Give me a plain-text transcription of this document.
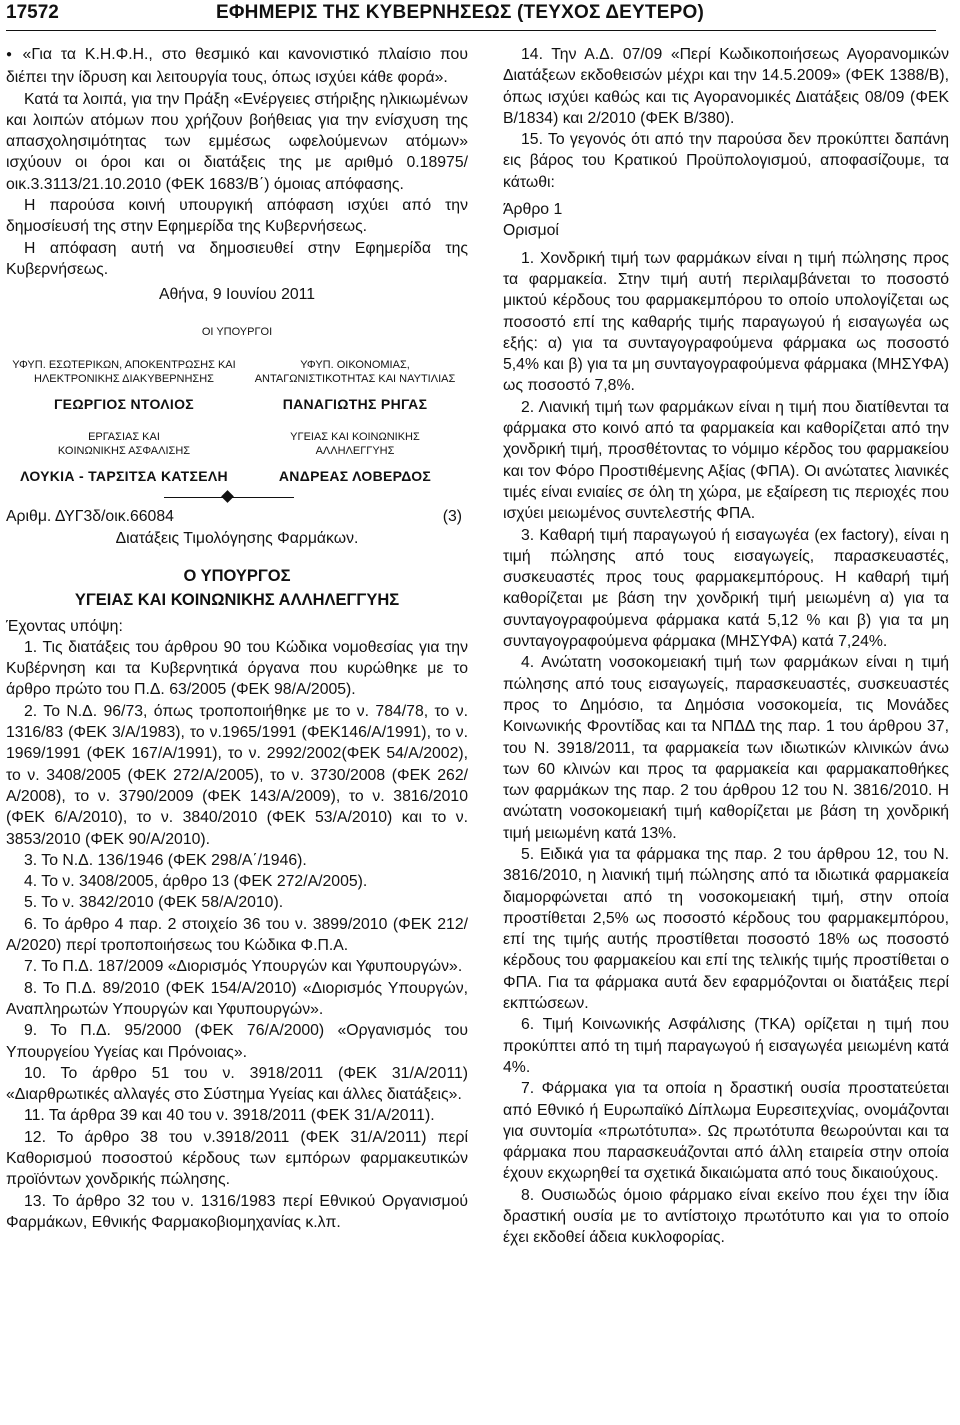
17572	ΕΦΗΜΕΡΙΣ ΤΗΣ ΚΥΒΕΡΝΗΣΕΩΣ (ΤΕΥΧΟΣ ΔΕΥΤΕΡΟ)

● «Για τα Κ.Η.Φ.Η., στο θεσμικό και κανονιστικό πλαίσιο που διέπει την ίδρυση και λειτουργία τους, όπως ισχύει κάθε φορά».

Κατά τα λοιπά, για την Πράξη «Ενέργειες στήριξης ηλικιωμένων και λοιπών ατόμων που χρήζουν βοήθειας για την ενίσχυση της απασχολησιμότητας των εμμέσως ωφελούμενων ατόμων» ισχύουν οι όροι και οι διατάξεις της με αριθμό 0.18975/οικ.3.3113/21.10.2010 (ΦΕΚ 1683/Β΄) όμοιας απόφασης.

Η παρούσα κοινή υπουργική απόφαση ισχύει από την δημοσίευσή της στην Εφημερίδα της Κυβερνήσεως.

Η απόφαση αυτή να δημοσιευθεί στην Εφημερίδα της Κυβερνήσεως.

Αθήνα, 9 Ιουνίου 2011
ΟΙ ΥΠΟΥΡΓΟΙ
ΥΦΥΠ. ΕΣΩΤΕΡΙΚΩΝ, ΑΠΟΚΕΝΤΡΩΣΗΣ ΚΑΙ
ΗΛΕΚΤΡΟΝΙΚΗΣ ΔΙΑΚΥΒΕΡΝΗΣΗΣ
ΓΕΩΡΓΙΟΣ ΝΤΟΛΙΟΣ
ΥΦΥΠ. ΟΙΚΟΝΟΜΙΑΣ,
ΑΝΤΑΓΩΝΙΣΤΙΚΟΤΗΤΑΣ ΚΑΙ ΝΑΥΤΙΛΙΑΣ
ΠΑΝΑΓΙΩΤΗΣ ΡΗΓΑΣ
ΕΡΓΑΣΙΑΣ ΚΑΙ
ΚΟΙΝΩΝΙΚΗΣ ΑΣΦΑΛΙΣΗΣ
ΛΟΥΚΙΑ - ΤΑΡΣΙΤΣΑ ΚΑΤΣΕΛΗ
ΥΓΕΙΑΣ ΚΑΙ ΚΟΙΝΩΝΙΚΗΣ
ΑΛΛΗΛΕΓΓΥΗΣ
ΑΝΔΡΕΑΣ ΛΟΒΕΡΔΟΣ
Αριθμ. ΔΥΓ3δ/οικ.66084	(3)

Διατάξεις Τιμολόγησης Φαρμάκων.

Ο ΥΠΟΥΡΓΟΣ
ΥΓΕΙΑΣ ΚΑΙ ΚΟΙΝΩΝΙΚΗΣ ΑΛΛΗΛΕΓΓΥΗΣ

Έχοντας υπόψη:

1. Τις διατάξεις του άρθρου 90 του Κώδικα νομοθεσίας για την Κυβέρνηση και τα Κυβερνητικά όργανα που κυρώθηκε με το άρθρο πρώτο του Π.Δ. 63/2005 (ΦΕΚ 98/Α/2005).

2. Το Ν.Δ. 96/73, όπως τροποποιήθηκε με το ν. 784/78, το ν. 1316/83 (ΦΕΚ 3/Α/1983), το ν.1965/1991 (ΦΕΚ146/Α/1991), το ν. 1969/1991 (ΦΕΚ 167/Α/1991), το ν. 2992/2002(ΦΕΚ 54/Α/2002), το ν. 3408/2005 (ΦΕΚ 272/Α/2005), το ν. 3730/2008 (ΦΕΚ 262/Α/2008), το ν. 3790/2009 (ΦΕΚ 143/Α/2009), το ν. 3816/2010 (ΦΕΚ 6/Α/2010), το ν. 3840/2010 (ΦΕΚ 53/Α/2010) και το ν. 3853/2010 (ΦΕΚ 90/Α/2010).

3. Το Ν.Δ. 136/1946 (ΦΕΚ 298/Α΄/1946).

4. Το ν. 3408/2005, άρθρο 13 (ΦΕΚ 272/Α/2005).

5. Το ν. 3842/2010 (ΦΕΚ 58/Α/2010).

6. Το άρθρο 4 παρ. 2 στοιχείο 36 του ν. 3899/2010 (ΦΕΚ 212/Α/2020) περί τροποποιήσεως του Κώδικα Φ.Π.Α.

7. Το Π.Δ. 187/2009 «Διορισμός Υπουργών και Υφυπουργών».

8. Το Π.Δ. 89/2010 (ΦΕΚ 154/Α/2010) «Διορισμός Υπουργών, Αναπληρωτών Υπουργών και Υφυπουργών».

9. Το Π.Δ. 95/2000 (ΦΕΚ 76/Α/2000) «Οργανισμός του Υπουργείου Υγείας και Πρόνοιας».

10. Το άρθρο 51 του ν. 3918/2011 (ΦΕΚ 31/Α/2011) «Διαρθρωτικές αλλαγές στο Σύστημα Υγείας και άλλες διατάξεις».

11. Τα άρθρα 39 και 40 του ν. 3918/2011 (ΦΕΚ 31/Α/2011).

12. Το άρθρο 38 του ν.3918/2011 (ΦΕΚ 31/Α/2011) περί Καθορισμού ποσοστού κέρδους των εμπόρων φαρμακευτικών προϊόντων χονδρικής πώλησης.

13. Το άρθρο 32 του ν. 1316/1983 περί Εθνικού Οργανισμού Φαρμάκων, Εθνικής Φαρμακοβιομηχανίας κ.λπ.

14. Την Α.Δ. 07/09 «Περί Κωδικοποιήσεως Αγορανομικών Διατάξεων εκδοθεισών μέχρι και την 14.5.2009» (ΦΕΚ 1388/Β), όπως ισχύει καθώς και τις Αγορανομικές Διατάξεις 08/09 (ΦΕΚ Β/1834) και 2/2010 (ΦΕΚ Β/380).

15. Το γεγονός ότι από την παρούσα δεν προκύπτει δαπάνη εις βάρος του Κρατικού Προϋπολογισμού, αποφασίζουμε, τα κάτωθι:

Άρθρο 1

Ορισμοί

1. Χονδρική τιμή των φαρμάκων είναι η τιμή πώλησης προς τα φαρμακεία. Στην τιμή αυτή περιλαμβάνεται το ποσοστό μικτού κέρδους του φαρμακεμπόρου το οποίο υπολογίζεται ως ποσοστό επί της καθαρής τιμής παραγωγού ή εισαγωγέα ως εξής: α) για τα συνταγογραφούμενα φάρμακα ως ποσοστό 5,4% και β) για τα μη συνταγογραφούμενα φάρμακα (ΜΗΣΥΦΑ) ως ποσοστό 7,8%.

2. Λιανική τιμή των φαρμάκων είναι η τιμή που διατίθενται τα φάρμακα στο κοινό από τα φαρμακεία και καθορίζεται από την χονδρική τιμή, προσθέτοντας το νόμιμο κέρδος του φαρμακείου και τον Φόρο Προστιθέμενης Αξίας (ΦΠΑ). Οι ανώτατες λιανικές τιμές είναι ενιαίες σε όλη τη χώρα, με εξαίρεση τις περιοχές που ισχύει μειωμένος συντελεστής ΦΠΑ.

3. Καθαρή τιμή παραγωγού ή εισαγωγέα (ex factory), είναι η τιμή πώλησης από τους εισαγωγείς, παρασκευαστές, συσκευαστές προς τους φαρμακεμπόρους. Η καθαρή τιμή καθορίζεται με βάση την χονδρική τιμή μειωμένη α) για τα συνταγογραφούμενα φάρμακα κατά 5,12 % και β) για τα μη συνταγογραφούμενα φάρμακα (ΜΗΣΥΦΑ) κατά 7,24%.

4. Ανώτατη νοσοκομειακή τιμή των φαρμάκων είναι η τιμή πώλησης από τους εισαγωγείς, παρασκευαστές, συσκευαστές προς το Δημόσιο, τα Δημόσια νοσοκομεία, τις Μονάδες Κοινωνικής Φροντίδας και τα ΝΠΔΔ της παρ. 1 του άρθρου 37, του Ν. 3918/2011, τα φαρμακεία των ιδιωτικών κλινικών άνω των 60 κλινών και προς τα φαρμακεία και φαρμακαποθήκες των φαρμάκων της παρ. 2 του άρθρου 12 του Ν. 3816/2010. Η ανώτατη νοσοκομειακή τιμή καθορίζεται με βάση τη χονδρική τιμή μειωμένη κατά 13%.

5. Ειδικά για τα φάρμακα της παρ. 2 του άρθρου 12, του Ν. 3816/2010, η λιανική τιμή πώλησης από τα ιδιωτικά φαρμακεία διαμορφώνεται από τη νοσοκομειακή τιμή, στην οποία προστίθεται 2,5% ως ποσοστό κέρδους του φαρμακεμπόρου, επί της τιμής αυτής προστίθεται ποσοστό 18% ως ποσοστό κέρδους του φαρμακείου και επί της τελικής τιμής προστίθεται ο ΦΠΑ. Για τα φάρμακα αυτά δεν εφαρμόζονται οι διατάξεις περί εκπτώσεων.

6. Τιμή Κοινωνικής Ασφάλισης (ΤΚΑ) ορίζεται η τιμή που προκύπτει από τη τιμή παραγωγού ή εισαγωγέα μειωμένη κατά 4%.

7. Φάρμακα για τα οποία η δραστική ουσία προστατεύεται από Εθνικό ή Ευρωπαϊκό Δίπλωμα Ευρεσιτεχνίας, ονομάζονται για συντομία «πρωτότυπα». Ως πρωτότυπα θεωρούνται και τα φάρμακα που παρασκευάζονται από άλλη εταιρεία στην οποία έχουν εκχωρηθεί τα σχετικά δικαιώματα από τους δικαιούχους.

8. Ουσιωδώς όμοιο φάρμακο είναι εκείνο που έχει την ίδια δραστική ουσία με το αντίστοιχο πρωτότυπο και για το οποίο έχει εκδοθεί άδεια κυκλοφορίας.
